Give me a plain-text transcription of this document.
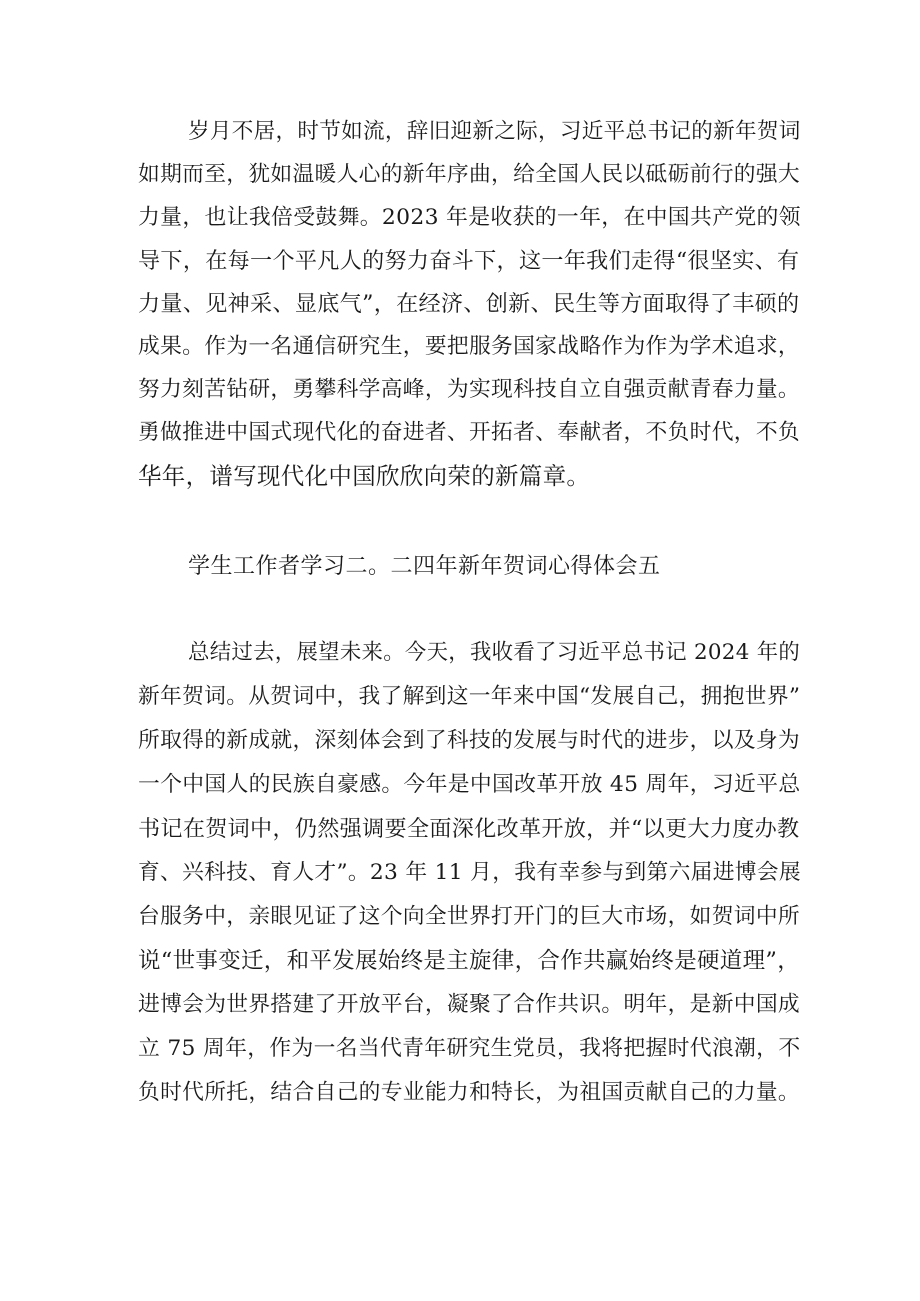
岁月不居，时节如流，辞旧迎新之际，习近平总书记的新年贺词
如期而至，犹如温暖人心的新年序曲，给全国人民以砥砺前行的强大
力量，也让我倍受鼓舞。2023 年是收获的一年，在中国共产党的领
导下，在每一个平凡人的努力奋斗下，这一年我们走得“很坚实、有
力量、见神采、显底气”，在经济、创新、民生等方面取得了丰硕的
成果。作为一名通信研究生，要把服务国家战略作为作为学术追求，
努力刻苦钻研，勇攀科学高峰，为实现科技自立自强贡献青春力量。
勇做推进中国式现代化的奋进者、开拓者、奉献者，不负时代，不负
华年，谱写现代化中国欣欣向荣的新篇章。
学生工作者学习二。二四年新年贺词心得体会五
总结过去，展望未来。今天，我收看了习近平总书记 2024 年的
新年贺词。从贺词中，我了解到这一年来中国“发展自己，拥抱世界”
所取得的新成就，深刻体会到了科技的发展与时代的进步，以及身为
一个中国人的民族自豪感。今年是中国改革开放 45 周年，习近平总
书记在贺词中，仍然强调要全面深化改革开放，并“以更大力度办教
育、兴科技、育人才”。23 年 11 月，我有幸参与到第六届进博会展
台服务中，亲眼见证了这个向全世界打开门的巨大市场，如贺词中所
说“世事变迁，和平发展始终是主旋律，合作共赢始终是硬道理”，
进博会为世界搭建了开放平台，凝聚了合作共识。明年，是新中国成
立 75 周年，作为一名当代青年研究生党员，我将把握时代浪潮，不
负时代所托，结合自己的专业能力和特长，为祖国贡献自己的力量。
